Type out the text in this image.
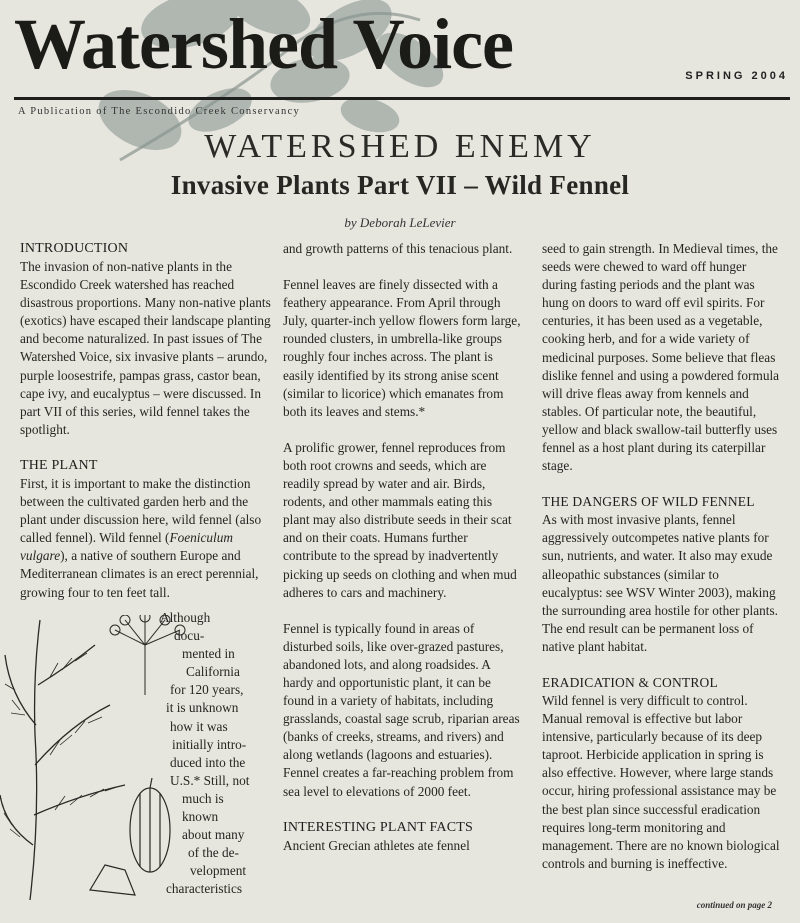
Watershed Voice	SPRING 2004
A Publication of The Escondido Creek Conservancy
WATERSHED ENEMY
Invasive Plants Part VII – Wild Fennel
by Deborah LeLevier
INTRODUCTION

The invasion of non-native plants in the Escondido Creek watershed has reached disastrous proportions. Many non-native plants (exotics) have escaped their landscape planting and become naturalized. In past issues of The Watershed Voice, six invasive plants – arundo, purple loosestrife, pampas grass, castor bean, cape ivy, and eucalyptus – were discussed. In part VII of this series, wild fennel takes the spotlight.

THE PLANT

First, it is important to make the distinction between the cultivated garden herb and the plant under discussion here, wild fennel (also called fennel). Wild fennel (Foeniculum vulgare), a native of southern Europe and Mediterranean climates is an erect perennial, growing four to ten feet tall.

Although
docu-
mented in
California
for 120 years,
it is unknown
how it was
initially intro-
duced into the
U.S.* Still, not
much is
known
about many
of the de-
velopment
characteristics

and growth patterns of this tenacious plant.

Fennel leaves are finely dissected with a feathery appearance. From April through July, quarter-inch yellow flowers form large, rounded clusters, in umbrella-like groups roughly four inches across. The plant is easily identified by its strong anise scent (similar to licorice) which emanates from both its leaves and stems.*

A prolific grower, fennel reproduces from both root crowns and seeds, which are readily spread by water and air. Birds, rodents, and other mammals eating this plant may also distribute seeds in their scat and on their coats. Humans further contribute to the spread by inadvertently picking up seeds on clothing and when mud adheres to cars and machinery.

Fennel is typically found in areas of disturbed soils, like over-grazed pastures, abandoned lots, and along roadsides. A hardy and opportunistic plant, it can be found in a variety of habitats, including grasslands, coastal sage scrub, riparian areas (banks of creeks, streams, and rivers) and along wetlands (lagoons and estuaries). Fennel creates a far-reaching problem from sea level to elevations of 2000 feet.

INTERESTING PLANT FACTS

Ancient Grecian athletes ate fennel

seed to gain strength. In Medieval times, the seeds were chewed to ward off hunger during fasting periods and the plant was hung on doors to ward off evil spirits. For centuries, it has been used as a vegetable, cooking herb, and for a wide variety of medicinal purposes. Some believe that fleas dislike fennel and using a powdered formula will drive fleas away from kennels and stables. Of particular note, the beautiful, yellow and black swallow-tail butterfly uses fennel as a host plant during its caterpillar stage.

THE DANGERS OF WILD FENNEL

As with most invasive plants, fennel aggressively outcompetes native plants for sun, nutrients, and water. It also may exude alleopathic substances (similar to eucalyptus: see WSV Winter 2003), making the surrounding area hostile for other plants. The end result can be permanent loss of native plant habitat.

ERADICATION & CONTROL

Wild fennel is very difficult to control. Manual removal is effective but labor intensive, particularly because of its deep taproot. Herbicide application in spring is also effective. However, where large stands occur, hiring professional assistance may be the best plan since successful eradication requires long-term monitoring and management. There are no known biological controls and burning is ineffective.

continued on page 2
